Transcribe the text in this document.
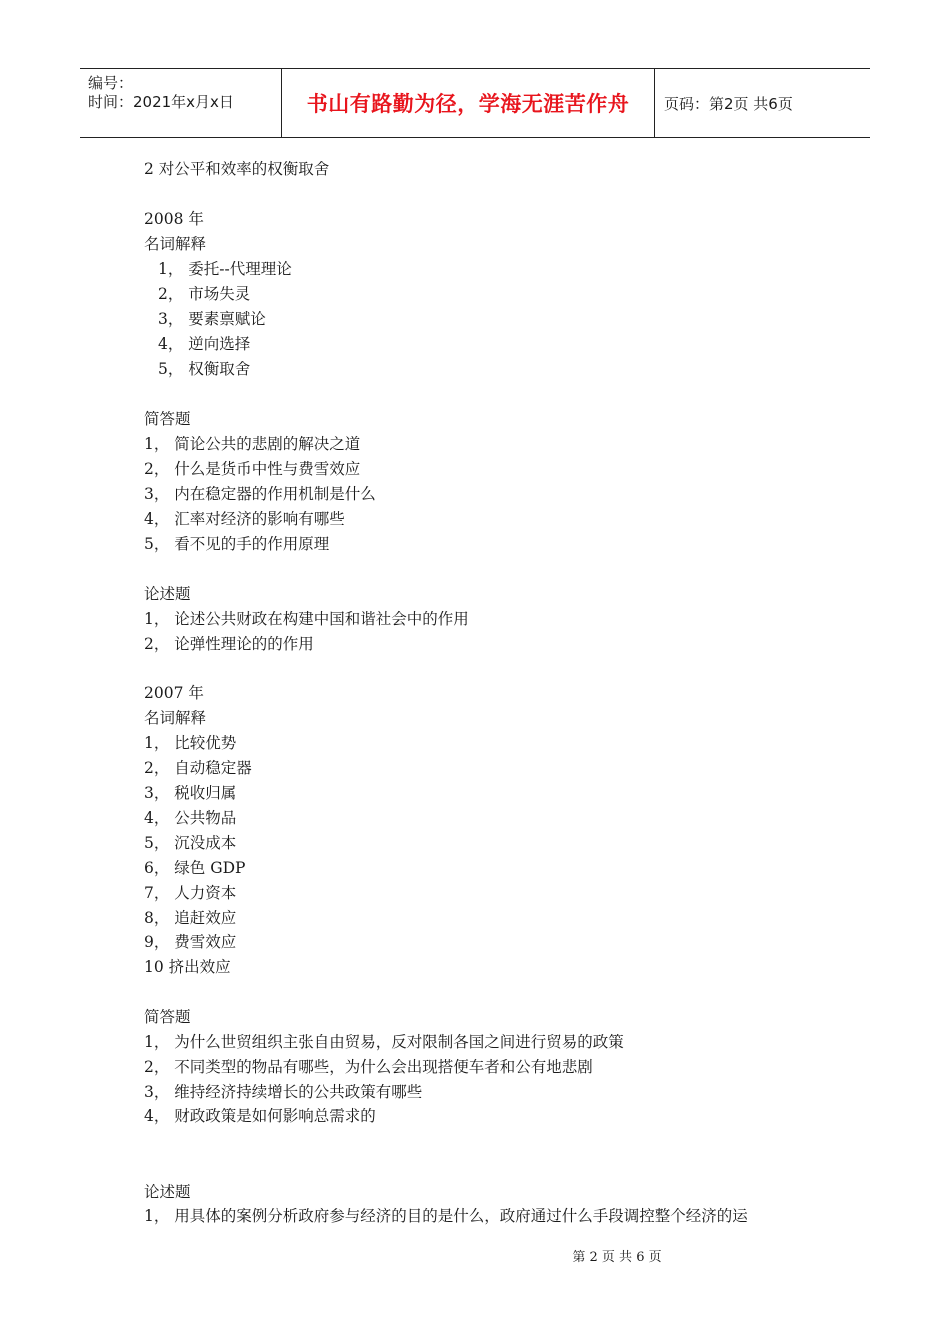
编号：
时间：2021年x月x日	书山有路勤为径，学海无涯苦作舟 页码：第2页 共6页
2 对公平和效率的权衡取舍
2008 年
名词解释
1， 委托--代理理论
2， 市场失灵
3， 要素禀赋论
4， 逆向选择
5， 权衡取舍
简答题
1， 简论公共的悲剧的解决之道
2， 什么是货币中性与费雪效应
3， 内在稳定器的作用机制是什么
4， 汇率对经济的影响有哪些
5， 看不见的手的作用原理
论述题
1， 论述公共财政在构建中国和谐社会中的作用
2， 论弹性理论的的作用
2007 年
名词解释
1， 比较优势
2， 自动稳定器
3， 税收归属
4， 公共物品
5， 沉没成本
6， 绿色 GDP
7， 人力资本
8， 追赶效应
9， 费雪效应
10 挤出效应
简答题
1， 为什么世贸组织主张自由贸易，反对限制各国之间进行贸易的政策
2， 不同类型的物品有哪些，为什么会出现搭便车者和公有地悲剧
3， 维持经济持续增长的公共政策有哪些
4， 财政政策是如何影响总需求的
论述题
1， 用具体的案例分析政府参与经济的目的是什么，政府通过什么手段调控整个经济的运
第 2 页 共 6 页
